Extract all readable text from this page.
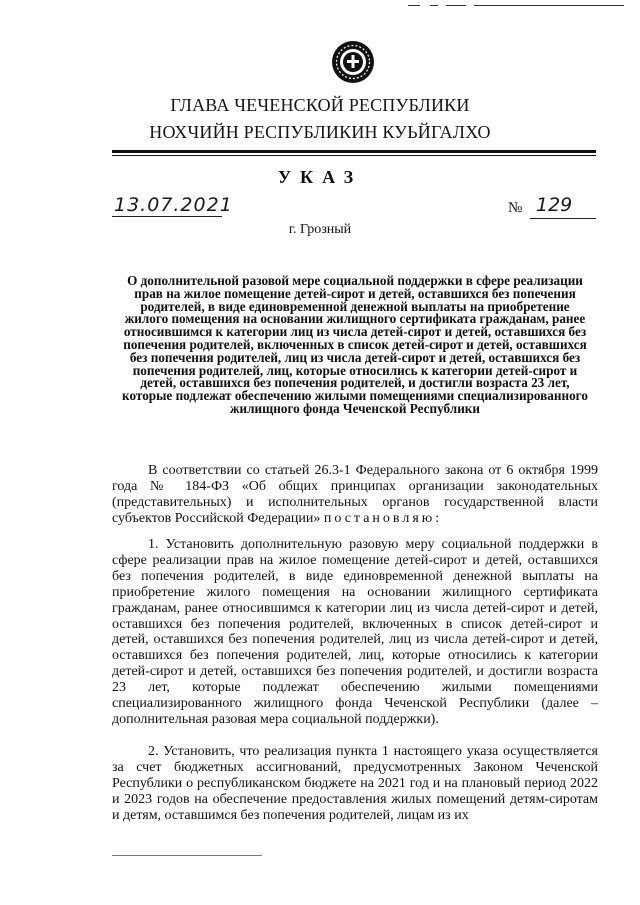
ГЛАВА ЧЕЧЕНСКОЙ РЕСПУБЛИКИ
НОХЧИЙН РЕСПУБЛИКИН КУЬЙГАЛХО
УКАЗ
13.07.2021	№ 129
г. Грозный
О дополнительной разовой мере социальной поддержки в сфере реализации прав на жилое помещение детей-сирот и детей, оставшихся без попечения родителей, в виде единовременной денежной выплаты на приобретение жилого помещения на основании жилищного сертификата гражданам, ранее относившимся к категории лиц из числа детей-сирот и детей, оставшихся без попечения родителей, включенных в список детей-сирот и детей, оставшихся без попечения родителей, лиц из числа детей-сирот и детей, оставшихся без попечения родителей, лиц, которые относились к категории детей-сирот и детей, оставшихся без попечения родителей, и достигли возраста 23 лет, которые подлежат обеспечению жилыми помещениями специализированного жилищного фонда Чеченской Республики
В соответствии со статьей 26.3-1 Федерального закона от 6 октября 1999 года № 184-ФЗ «Об общих принципах организации законодательных (представительных) и исполнительных органов государственной власти субъектов Российской Федерации» постановляю:
1. Установить дополнительную разовую меру социальной поддержки в сфере реализации прав на жилое помещение детей-сирот и детей, оставшихся без попечения родителей, в виде единовременной денежной выплаты на приобретение жилого помещения на основании жилищного сертификата гражданам, ранее относившимся к категории лиц из числа детей-сирот и детей, оставшихся без попечения родителей, включенных в список детей-сирот и детей, оставшихся без попечения родителей, лиц из числа детей-сирот и детей, оставшихся без попечения родителей, лиц, которые относились к категории детей-сирот и детей, оставшихся без попечения родителей, и достигли возраста 23 лет, которые подлежат обеспечению жилыми помещениями специализированного жилищного фонда Чеченской Республики (далее – дополнительная разовая мера социальной поддержки).
2. Установить, что реализация пункта 1 настоящего указа осуществляется за счет бюджетных ассигнований, предусмотренных Законом Чеченской Республики о республиканском бюджете на 2021 год и на плановый период 2022 и 2023 годов на обеспечение предоставления жилых помещений детям-сиротам и детям, оставшимся без попечения родителей, лицам из их
